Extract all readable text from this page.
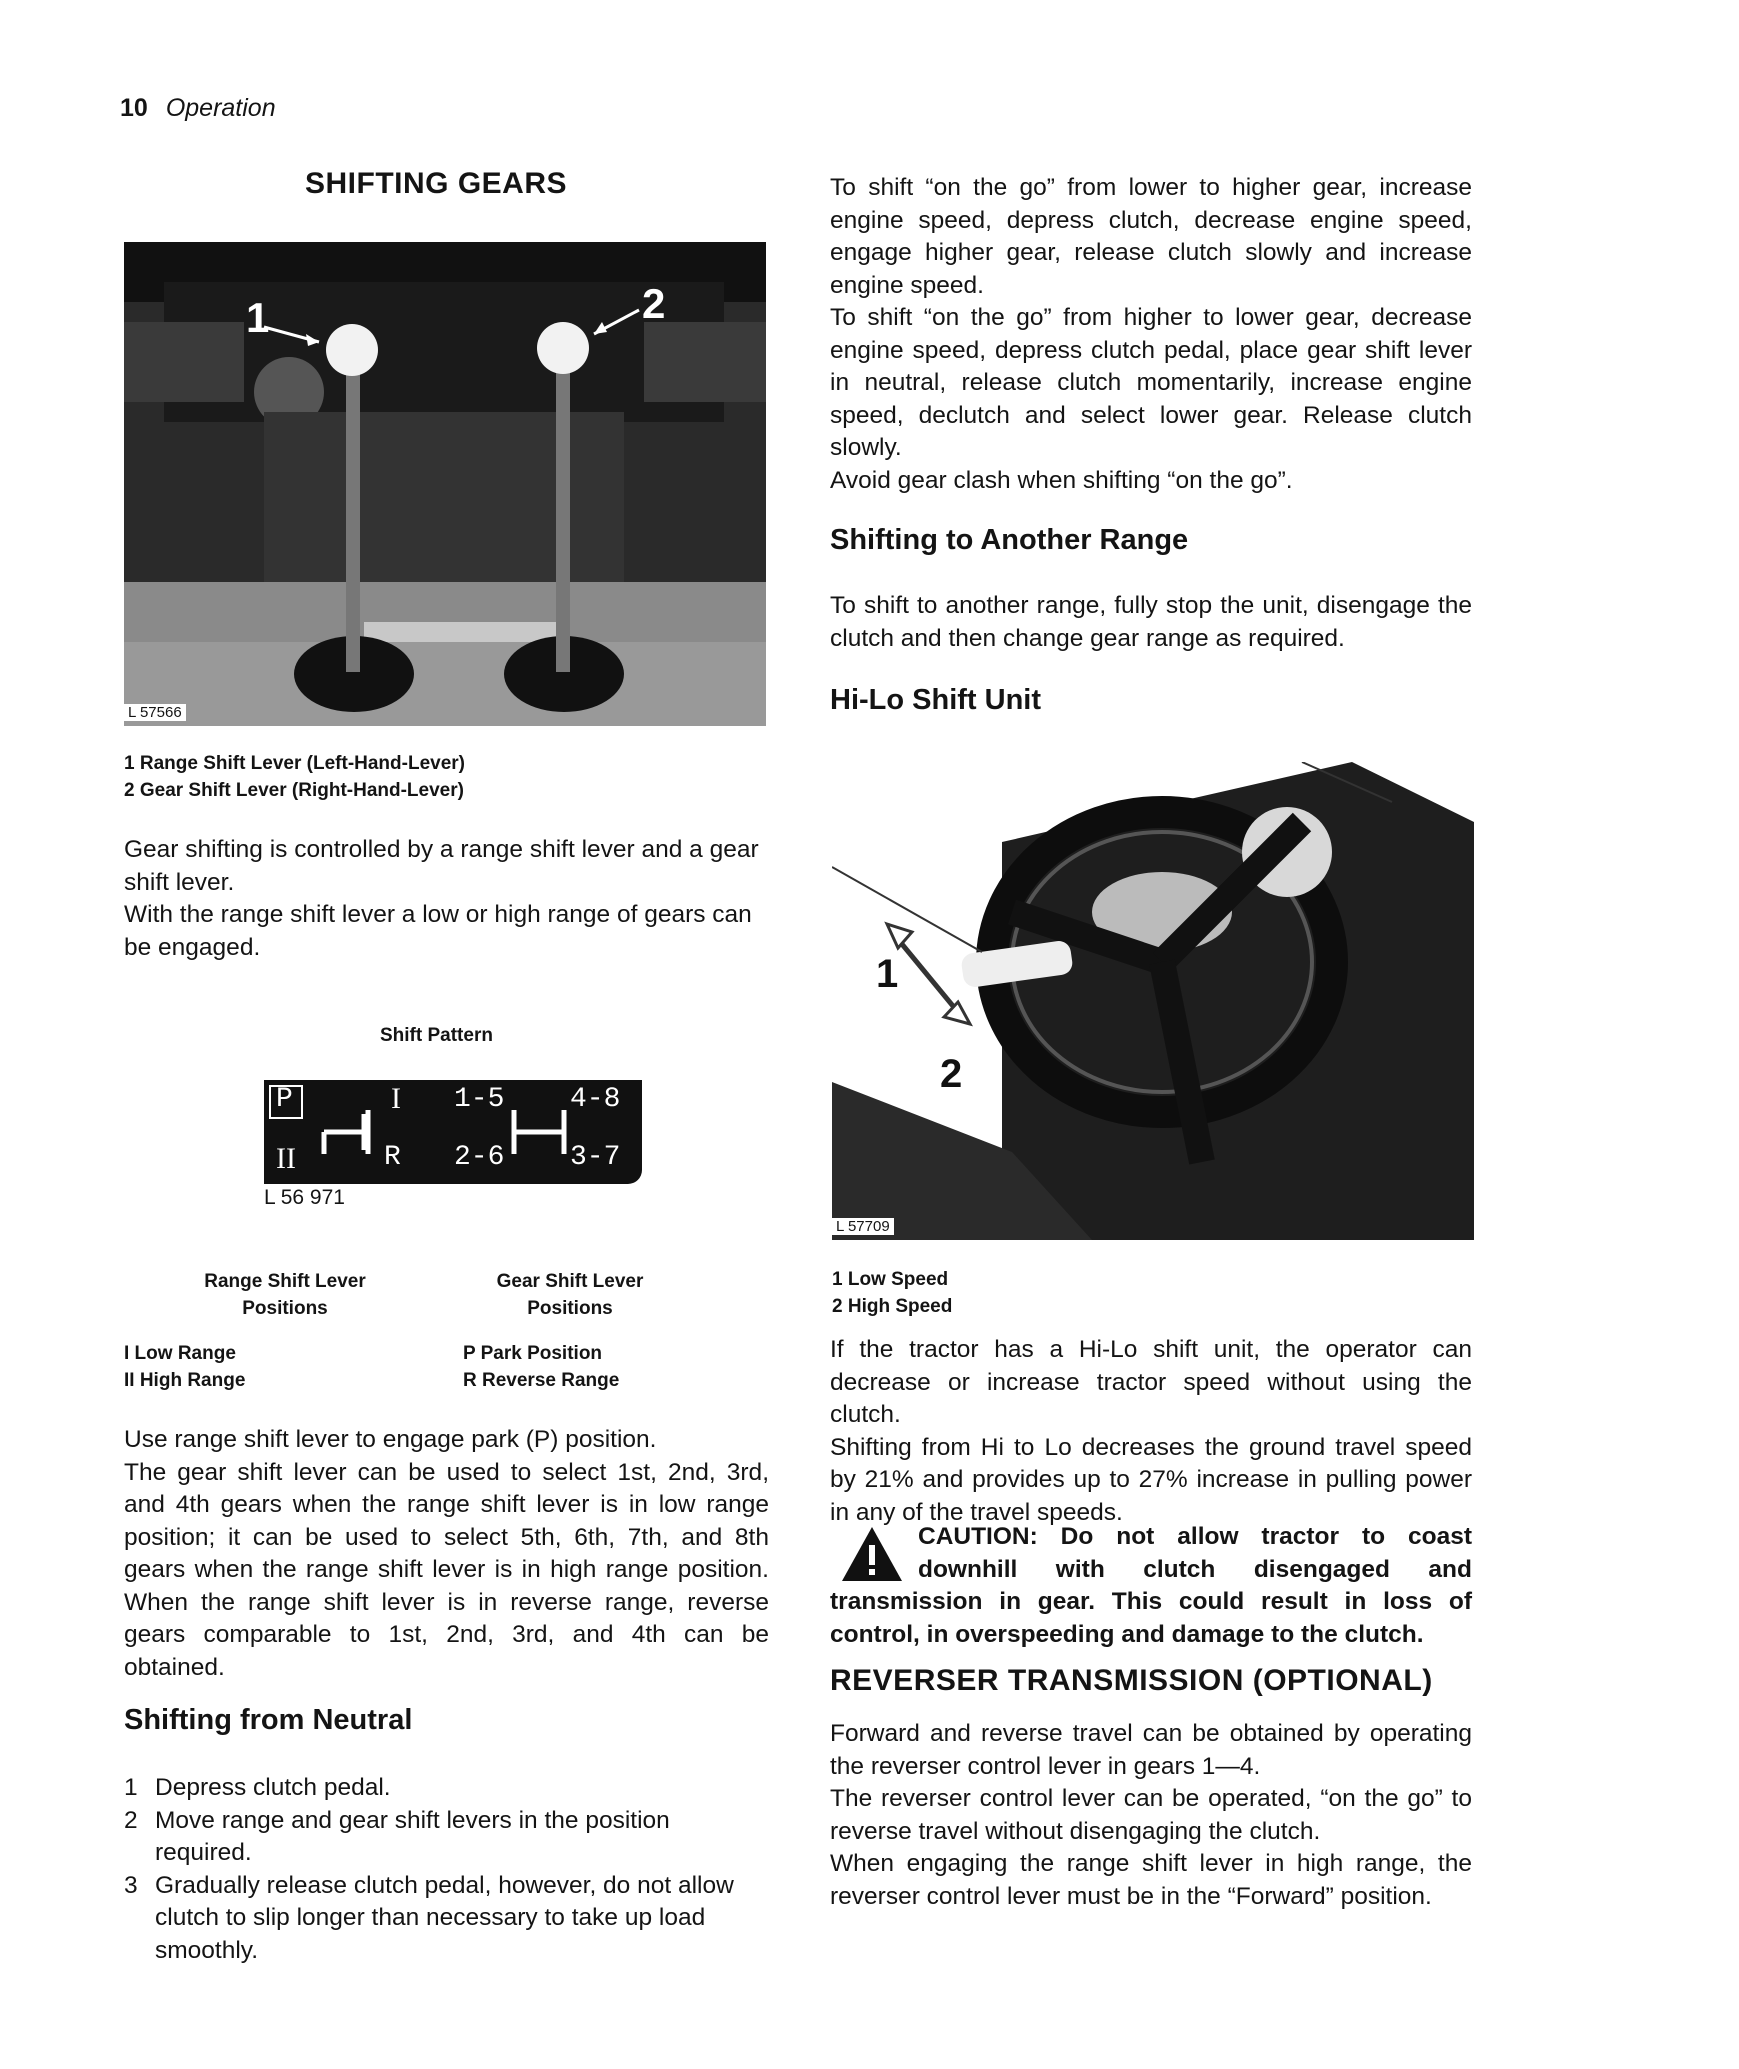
10 Operation
SHIFTING GEARS
1	2
L 57566
1 Range Shift Lever (Left-Hand-Lever)
2 Gear Shift Lever (Right-Hand-Lever)

Gear shifting is controlled by a range shift lever and a gear shift lever.

With the range shift lever a low or high range of gears can be engaged.

Shift Pattern
P	I
II	R
1-5 4-8
2-6 3-7
L 56 971
Range Shift Lever
Positions
Gear Shift Lever
Positions
I Low Range
II High Range
P Park Position
R Reverse Range

Use range shift lever to engage park (P) position.

The gear shift lever can be used to select 1st, 2nd, 3rd, and 4th gears when the range shift lever is in low range position; it can be used to select 5th, 6th, 7th, and 8th gears when the range shift lever is in high range position. When the range shift lever is in reverse range, reverse gears comparable to 1st, 2nd, 3rd, and 4th can be obtained.

Shifting from Neutral
1 Depress clutch pedal.
2 Move range and gear shift levers in the position required.
3 Gradually release clutch pedal, however, do not allow clutch to slip longer than necessary to take up load smoothly.

To shift “on the go” from lower to higher gear, increase engine speed, depress clutch, decrease engine speed, engage higher gear, release clutch slowly and increase engine speed.

To shift “on the go” from higher to lower gear, decrease engine speed, depress clutch pedal, place gear shift lever in neutral, release clutch momentarily, increase engine speed, declutch and select lower gear. Release clutch slowly.

Avoid gear clash when shifting “on the go”.

Shifting to Another Range
To shift to another range, fully stop the unit, disengage the clutch and then change gear range as required.
Hi-Lo Shift Unit
1
2
L 57709
1 Low Speed
2 High Speed

If the tractor has a Hi-Lo shift unit, the operator can decrease or increase tractor speed without using the clutch.

Shifting from Hi to Lo decreases the ground travel speed by 21% and provides up to 27% increase in pulling power in any of the travel speeds.

CAUTION: Do not allow tractor to coast downhill with clutch disengaged and transmission in gear. This could result in loss of control, in overspeeding and damage to the clutch.
REVERSER TRANSMISSION (OPTIONAL)

Forward and reverse travel can be obtained by operating the reverser control lever in gears 1—4.

The reverser control lever can be operated, “on the go” to reverse travel without disengaging the clutch.

When engaging the range shift lever in high range, the reverser control lever must be in the “Forward” position.
